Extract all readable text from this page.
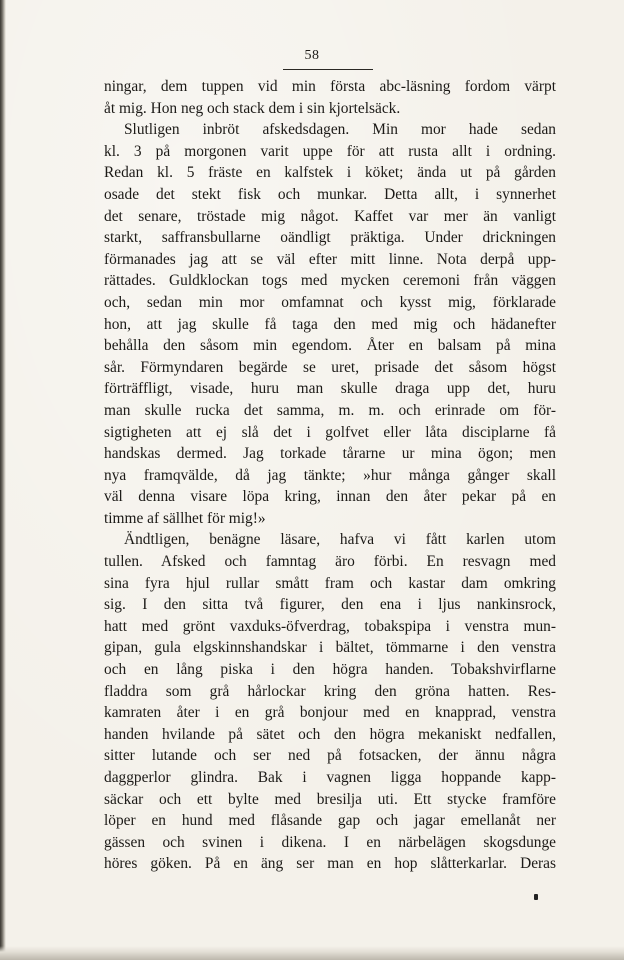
58
ningar, dem tuppen vid min första abc-läsning fordom värpt
åt mig. Hon neg och stack dem i sin kjortelsäck.
Slutligen inbröt afskedsdagen. Min mor hade sedan
kl. 3 på morgonen varit uppe för att rusta allt i ordning.
Redan kl. 5 fräste en kalfstek i köket; ända ut på gården
osade det stekt fisk och munkar. Detta allt, i synnerhet
det senare, tröstade mig något. Kaffet var mer än vanligt
starkt, saffransbullarne oändligt präktiga. Under drickningen
förmanades jag att se väl efter mitt linne. Nota derpå upp-
rättades. Guldklockan togs med mycken ceremoni från väggen
och, sedan min mor omfamnat och kysst mig, förklarade
hon, att jag skulle få taga den med mig och hädanefter
behålla den såsom min egendom. Åter en balsam på mina
sår. Förmyndaren begärde se uret, prisade det såsom högst
förträffligt, visade, huru man skulle draga upp det, huru
man skulle rucka det samma, m. m. och erinrade om för-
sigtigheten att ej slå det i golfvet eller låta disciplarne få
handskas dermed. Jag torkade tårarne ur mina ögon; men
nya framqvälde, då jag tänkte; »hur många gånger skall
väl denna visare löpa kring, innan den åter pekar på en
timme af sällhet för mig!»
Ändtligen, benägne läsare, hafva vi fått karlen utom
tullen. Afsked och famntag äro förbi. En resvagn med
sina fyra hjul rullar smått fram och kastar dam omkring
sig. I den sitta två figurer, den ena i ljus nankinsrock,
hatt med grönt vaxduks-öfverdrag, tobakspipa i venstra mun-
gipan, gula elgskinnshandskar i bältet, tömmarne i den venstra
och en lång piska i den högra handen. Tobakshvirflarne
fladdra som grå hårlockar kring den gröna hatten. Res-
kamraten åter i en grå bonjour med en knapprad, venstra
handen hvilande på sätet och den högra mekaniskt nedfallen,
sitter lutande och ser ned på fotsacken, der ännu några
daggperlor glindra. Bak i vagnen ligga hoppande kapp-
säckar och ett bylte med bresilja uti. Ett stycke framföre
löper en hund med flåsande gap och jagar emellanåt ner
gässen och svinen i dikena. I en närbelägen skogsdunge
höres göken. På en äng ser man en hop slåtterkarlar. Deras
